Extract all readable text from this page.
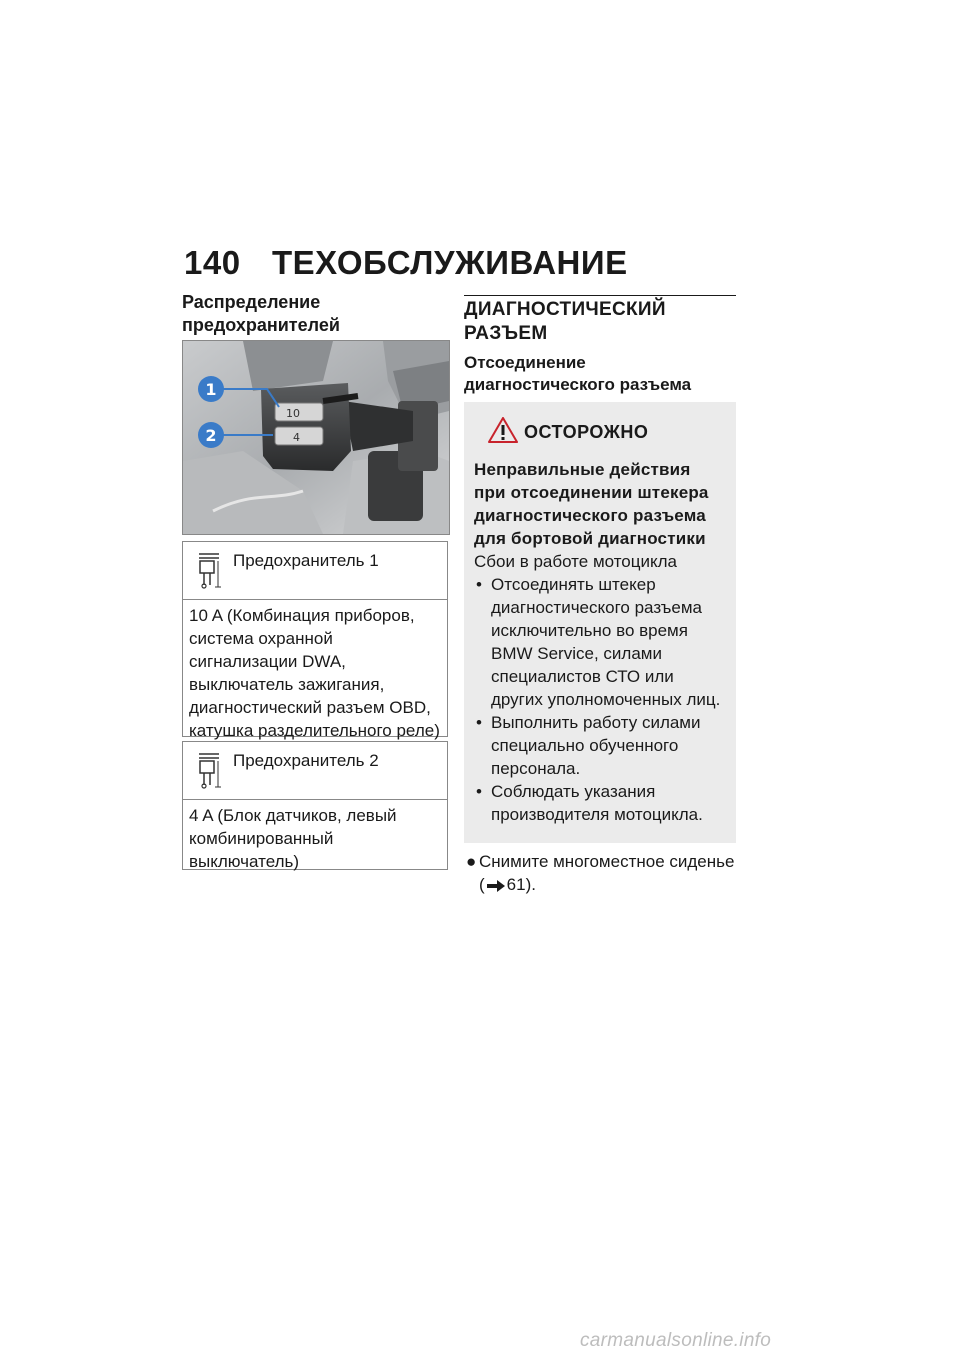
140 ТЕХОБСЛУЖИВАНИЕ
Распределение предохранителей
10
4
1
2
Предохранитель 1
10 A (Комбинация приборов, система охранной сигнализации DWA, выключатель зажигания, диагностический разъем OBD, катушка разделительного реле)
Предохранитель 2
4 A (Блок датчиков, левый комбинированный выключатель)
ДИАГНОСТИЧЕСКИЙ РАЗЪЕМ
Отсоединение диагностического разъема
ОСТОРОЖНО
Неправильные действия при отсоединении штекера диагностического разъема для бортовой диагностики
Сбои в работе мотоцикла
• Отсоединять штекер диагностического разъема исключительно во время BMW Service, силами специалистов СТО или других уполномоченных лиц.
• Выполнить работу силами специально обученного персонала.
• Соблюдать указания производителя мотоцикла.
● Снимите многоместное сиденье ( 61).
carmanualsonline.info
